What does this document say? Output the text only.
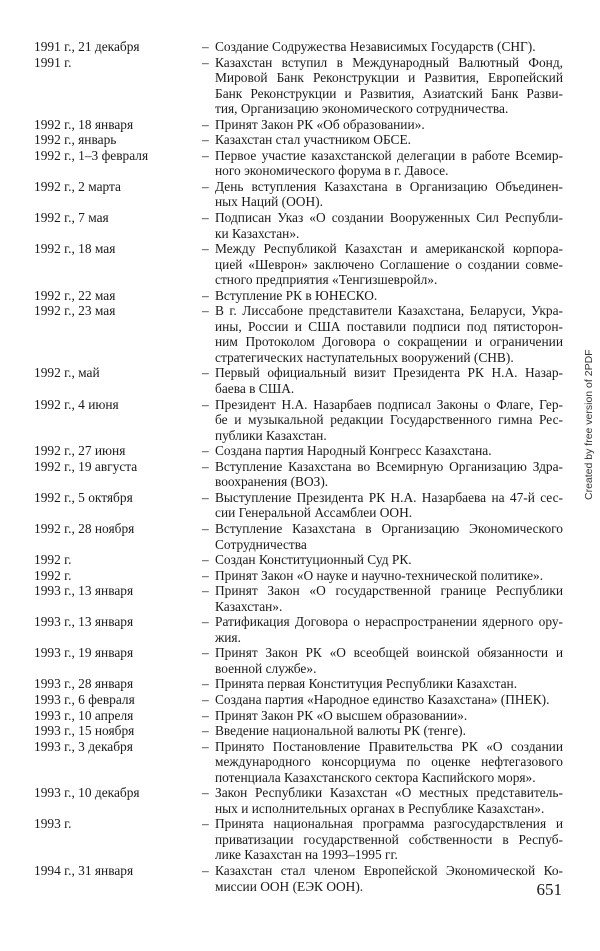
1991 г., 21 декабря	– Создание Содружества Независимых Государств (СНГ).
1991 г.	– Казахстан вступил в Международный Валютный Фонд,
Мировой Банк Реконструкции и Развития, Европейский
Банк Реконструкции и Развития, Азиатский Банк Разви-
тия, Организацию экономического сотрудничества.
1992 г., 18 января	– Принят Закон РК «Об образовании».
1992 г., январь	– Казахстан стал участником ОБСЕ.
1992 г., 1–3 февраля	– Первое участие казахстанской делегации в работе Всемир-
ного экономического форума в г. Давосе.
1992 г., 2 марта	– День вступления Казахстана в Организацию Объединен-
ных Наций (ООН).
1992 г., 7 мая	– Подписан Указ «О создании Вооруженных Сил Республи-
ки Казахстан».
1992 г., 18 мая	– Между Республикой Казахстан и американской корпора-
цией «Шеврон» заключено Соглашение о создании совме-
стного предприятия «Тенгизшевройл».
1992 г., 22 мая	– Вступление РК в ЮНЕСКО.
1992 г., 23 мая	– В г. Лиссабоне представители Казахстана, Беларуси, Укра-
ины, России и США поставили подписи под пятисторон-
ним Протоколом Договора о сокращении и ограничении
стратегических наступательных вооружений (СНВ).
1992 г., май	– Первый официальный визит Президента РК Н.А. Назар-
баева в США.
1992 г., 4 июня	– Президент Н.А. Назарбаев подписал Законы о Флаге, Гер-
бе и музыкальной редакции Государственного гимна Рес-
публики Казахстан.
1992 г., 27 июня	– Создана партия Народный Конгресс Казахстана.
1992 г., 19 августа	– Вступление Казахстана во Всемирную Организацию Здра-
воохранения (ВОЗ).
1992 г., 5 октября	– Выступление Президента РК Н.А. Назарбаева на 47-й сес-
сии Генеральной Ассамблеи ООН.
1992 г., 28 ноября	– Вступление Казахстана в Организацию Экономического
Сотрудничества
1992 г.	– Создан Конституционный Суд РК.
1992 г.	– Принят Закон «О науке и научно-технической политике».
1993 г., 13 января	– Принят Закон «О государственной границе Республики
Казахстан».
1993 г., 13 января	– Ратификация Договора о нераспространении ядерного ору-
жия.
1993 г., 19 января	– Принят Закон РК «О всеобщей воинской обязанности и
военной службе».
1993 г., 28 января	– Принята первая Конституция Республики Казахстан.
1993 г., 6 февраля	– Создана партия «Народное единство Казахстана» (ПНЕК).
1993 г., 10 апреля	– Принят Закон РК «О высшем образовании».
1993 г., 15 ноября	– Введение национальной валюты РК (тенге).
1993 г., 3 декабря	– Принято Постановление Правительства РК «О создании
международного консорциума по оценке нефтегазового
потенциала Казахстанского сектора Каспийского моря».
1993 г., 10 декабря	– Закон Республики Казахстан «О местных представитель-
ных и исполнительных органах в Республике Казахстан».
1993 г.	– Принята национальная программа разгосударствления и
приватизации государственной собственности в Респуб-
лике Казахстан на 1993–1995 гг.
1994 г., 31 января	– Казахстан стал членом Европейской Экономической Ко-
миссии ООН (ЕЭК ООН).	651
Created by free version of 2PDF
